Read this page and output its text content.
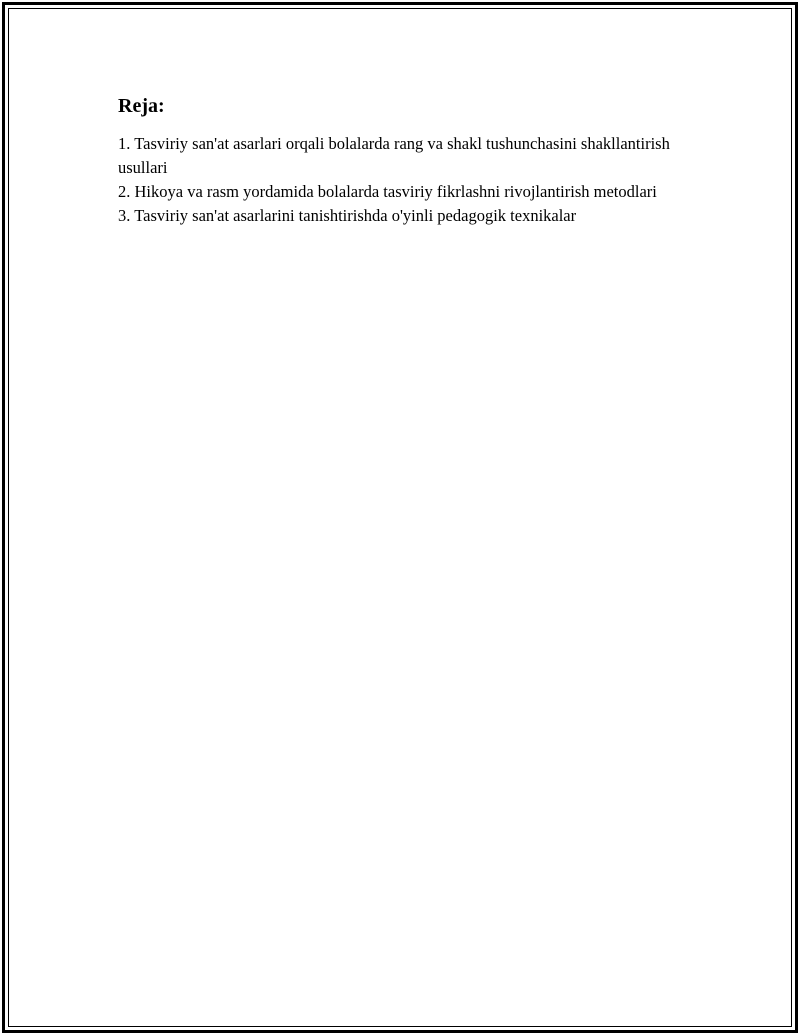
Reja:
1. Tasviriy san'at asarlari orqali bolalarda rang va shakl tushunchasini shakllantirish usullari
2. Hikoya va rasm yordamida bolalarda tasviriy fikrlashni rivojlantirish metodlari
3. Tasviriy san'at asarlarini tanishtirishda o'yinli pedagogik texnikalar
